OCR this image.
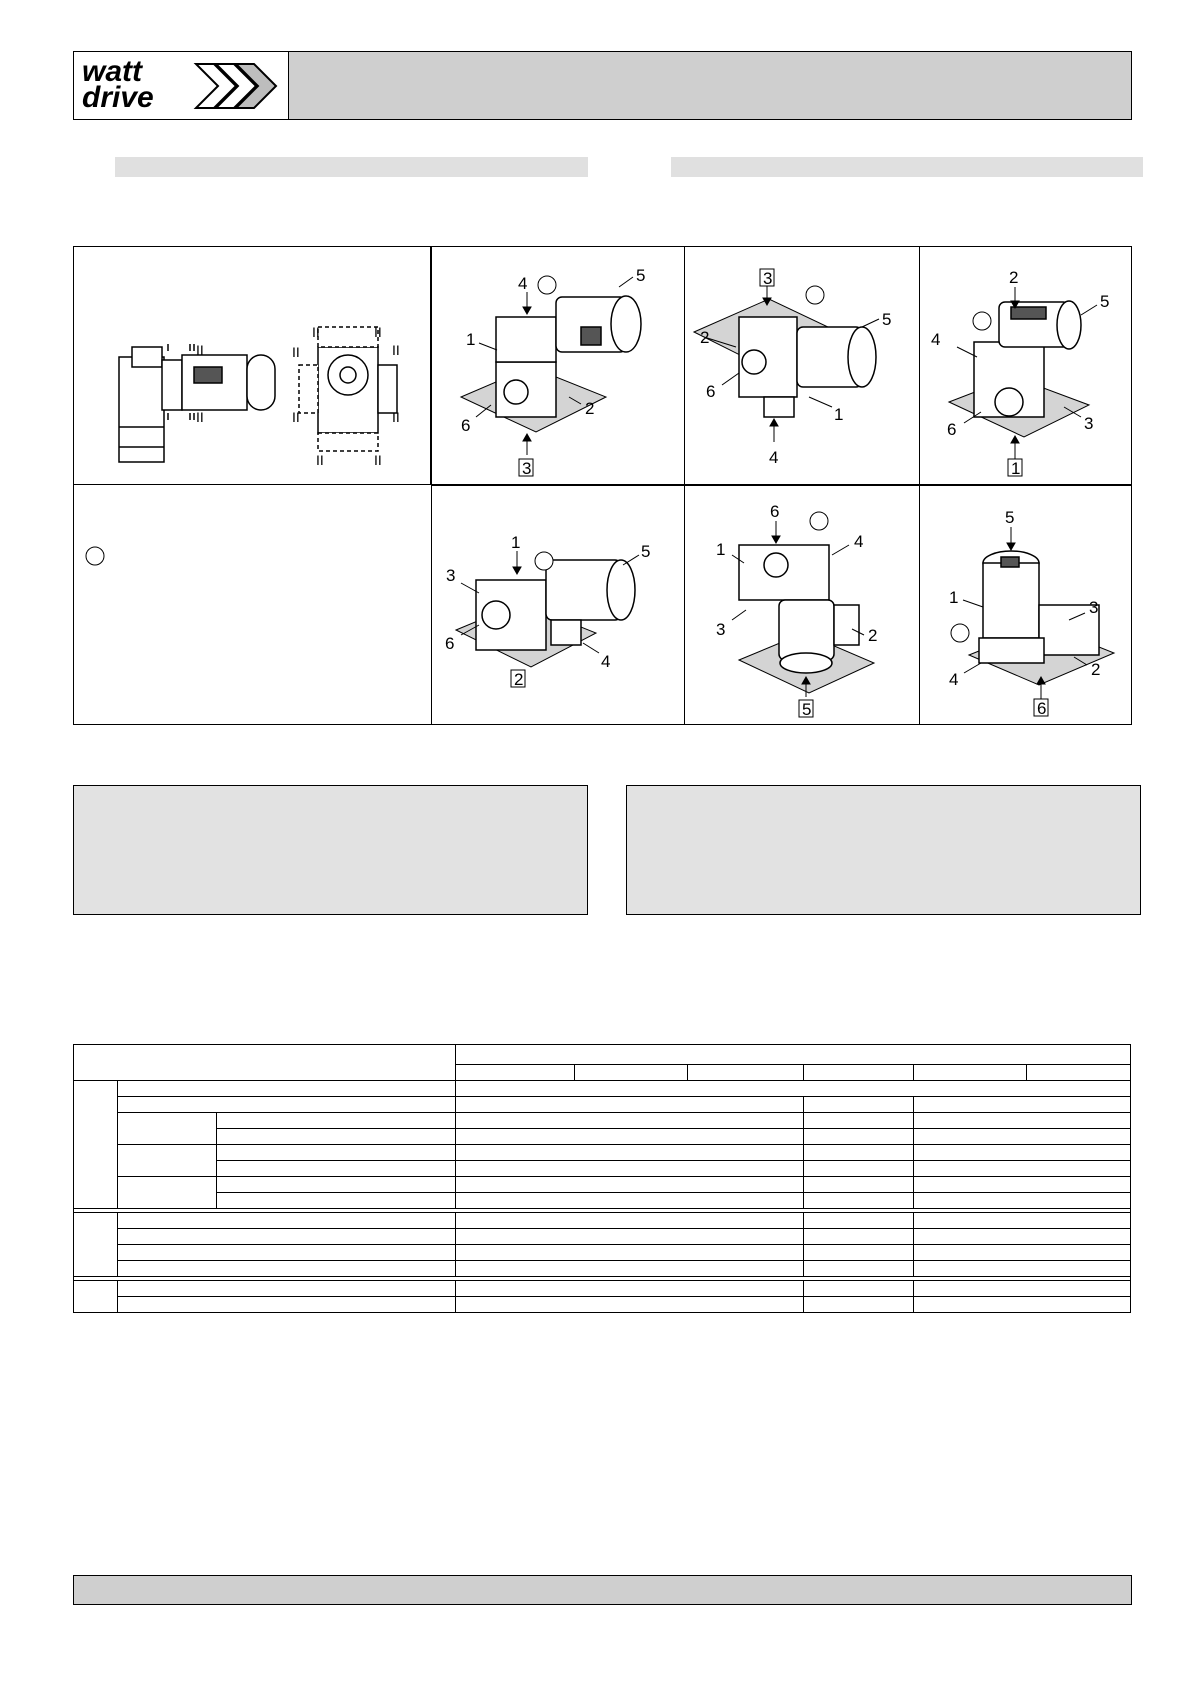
watt
drive
II	II
II
II
II	II
II	II
II
II
4	5
1
2
6
3
3
5
2
6
1
4
2
5
4
3
6
1
1
3
5
6
4
2
6
1	4
3	2
5
5
1
3
4
2
6
